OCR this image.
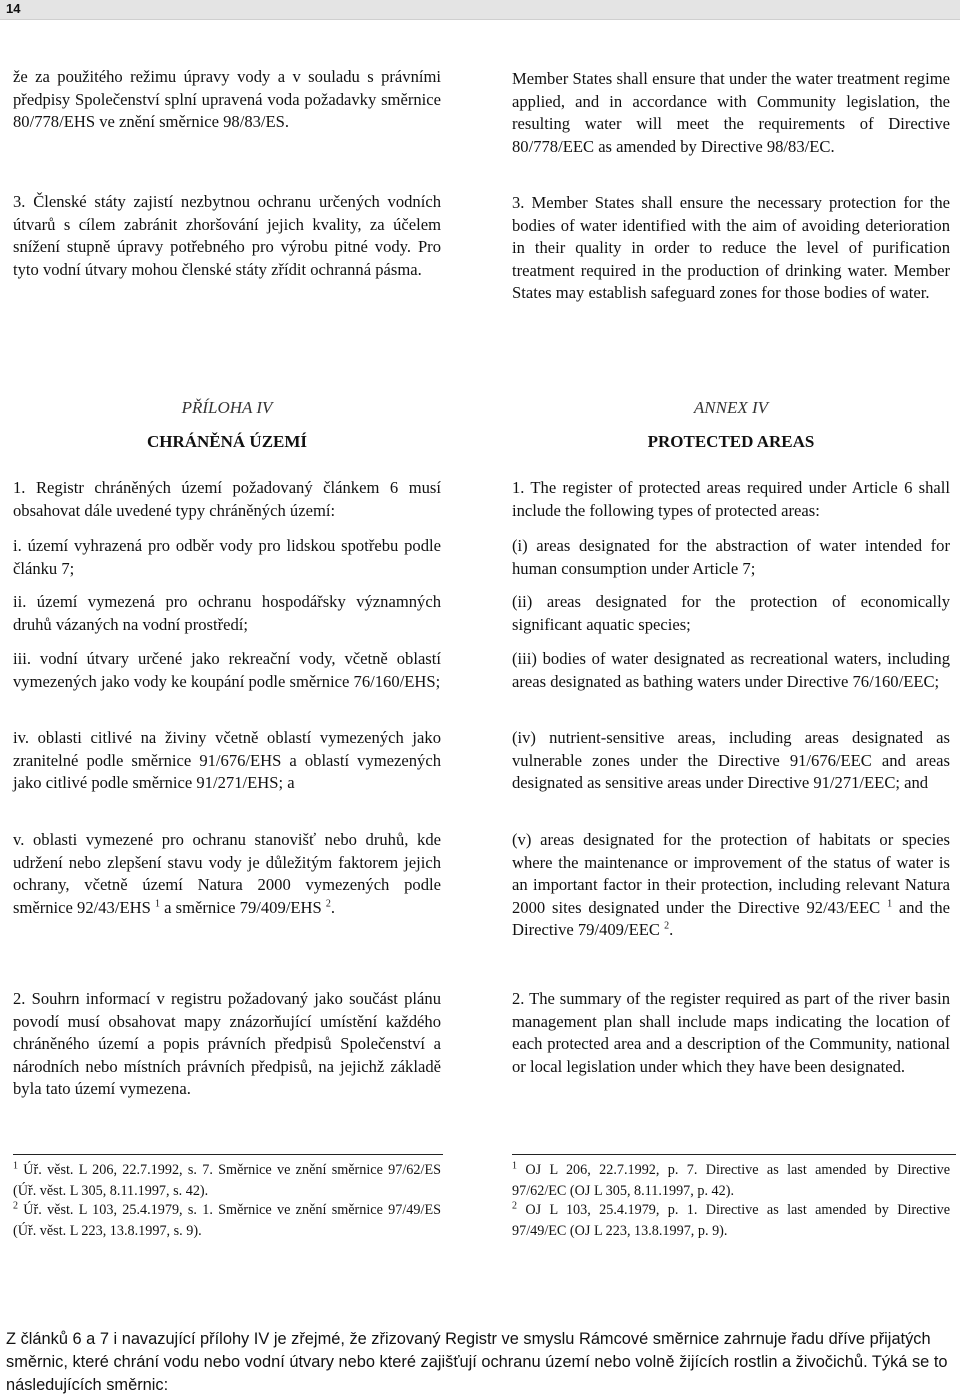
14

že za použitého režimu úpravy vody a v souladu s právními předpisy Společenství splní upravená voda požadavky směrnice 80/778/EHS ve znění směrnice 98/83/ES.

3. Členské státy zajistí nezbytnou ochranu určených vodních útvarů s cílem zabránit zhoršování jejich kvality, za účelem snížení stupně úpravy potřebného pro výrobu pitné vody. Pro tyto vodní útvary mohou členské státy zřídit ochranná pásma.

PŘÍLOHA IV

CHRÁNĚNÁ ÚZEMÍ

1. Registr chráněných území požadovaný článkem 6 musí obsahovat dále uvedené typy chráněných území:

i. území vyhrazená pro odběr vody pro lidskou spotřebu podle článku 7;

ii. území vymezená pro ochranu hospodářsky významných druhů vázaných na vodní prostředí;

iii. vodní útvary určené jako rekreační vody, včetně oblastí vymezených jako vody ke koupání podle směrnice 76/160/EHS;

iv. oblasti citlivé na živiny včetně oblastí vymezených jako zranitelné podle směrnice 91/676/EHS a oblastí vymezených jako citlivé podle směrnice 91/271/EHS; a

v. oblasti vymezené pro ochranu stanovišť nebo druhů, kde udržení nebo zlepšení stavu vody je důležitým faktorem jejich ochrany, včetně území Natura 2000 vymezených podle směrnice 92/43/EHS $^1$ a směrnice 79/409/EHS $^2$.

2. Souhrn informací v registru požadovaný jako součást plánu povodí musí obsahovat mapy znázorňující umístění každého chráněného území a popis právních předpisů Společenství a národních nebo místních právních předpisů, na jejichž základě byla tato území vymezena.

$^1$ Úř. věst. L 206, 22.7.1992, s. 7. Směrnice ve znění směrnice 97/62/ES (Úř. věst. L 305, 8.11.1997, s. 42).

$^2$ Úř. věst. L 103, 25.4.1979, s. 1. Směrnice ve znění směrnice 97/49/ES (Úř. věst. L 223, 13.8.1997, s. 9).

Member States shall ensure that under the water treatment regime applied, and in accordance with Community legislation, the resulting water will meet the requirements of Directive 80/778/EEC as amended by Directive 98/83/EC.

3. Member States shall ensure the necessary protection for the bodies of water identified with the aim of avoiding deterioration in their quality in order to reduce the level of purification treatment required in the production of drinking water. Member States may establish safeguard zones for those bodies of water.

ANNEX IV

PROTECTED AREAS

1. The register of protected areas required under Article 6 shall include the following types of protected areas:

(i) areas designated for the abstraction of water intended for human consumption under Article 7;

(ii) areas designated for the protection of economically significant aquatic species;

(iii) bodies of water designated as recreational waters, including areas designated as bathing waters under Directive 76/160/EEC;

(iv) nutrient-sensitive areas, including areas designated as vulnerable zones under the Directive 91/676/EEC and areas designated as sensitive areas under Directive 91/271/EEC; and

(v) areas designated for the protection of habitats or species where the maintenance or improvement of the status of water is an important factor in their protection, including relevant Natura 2000 sites designated under the Directive 92/43/EEC $^1$ and the Directive 79/409/EEC $^2$.

2. The summary of the register required as part of the river basin management plan shall include maps indicating the location of each protected area and a description of the Community, national or local legislation under which they have been designated.

$^1$ OJ L 206, 22.7.1992, p. 7. Directive as last amended by Directive 97/62/EC (OJ L 305, 8.11.1997, p. 42).

$^2$ OJ L 103, 25.4.1979, p. 1. Directive as last amended by Directive 97/49/EC (OJ L 223, 13.8.1997, p. 9).

Z článků 6 a 7 i navazující přílohy IV je zřejmé, že zřizovaný Registr ve smyslu Rámcové směrnice zahrnuje řadu dříve přijatých směrnic, které chrání vodu nebo vodní útvary nebo které zajišťují ochranu území nebo volně žijících rostlin a živočichů. Týká se to následujících směrnic:
